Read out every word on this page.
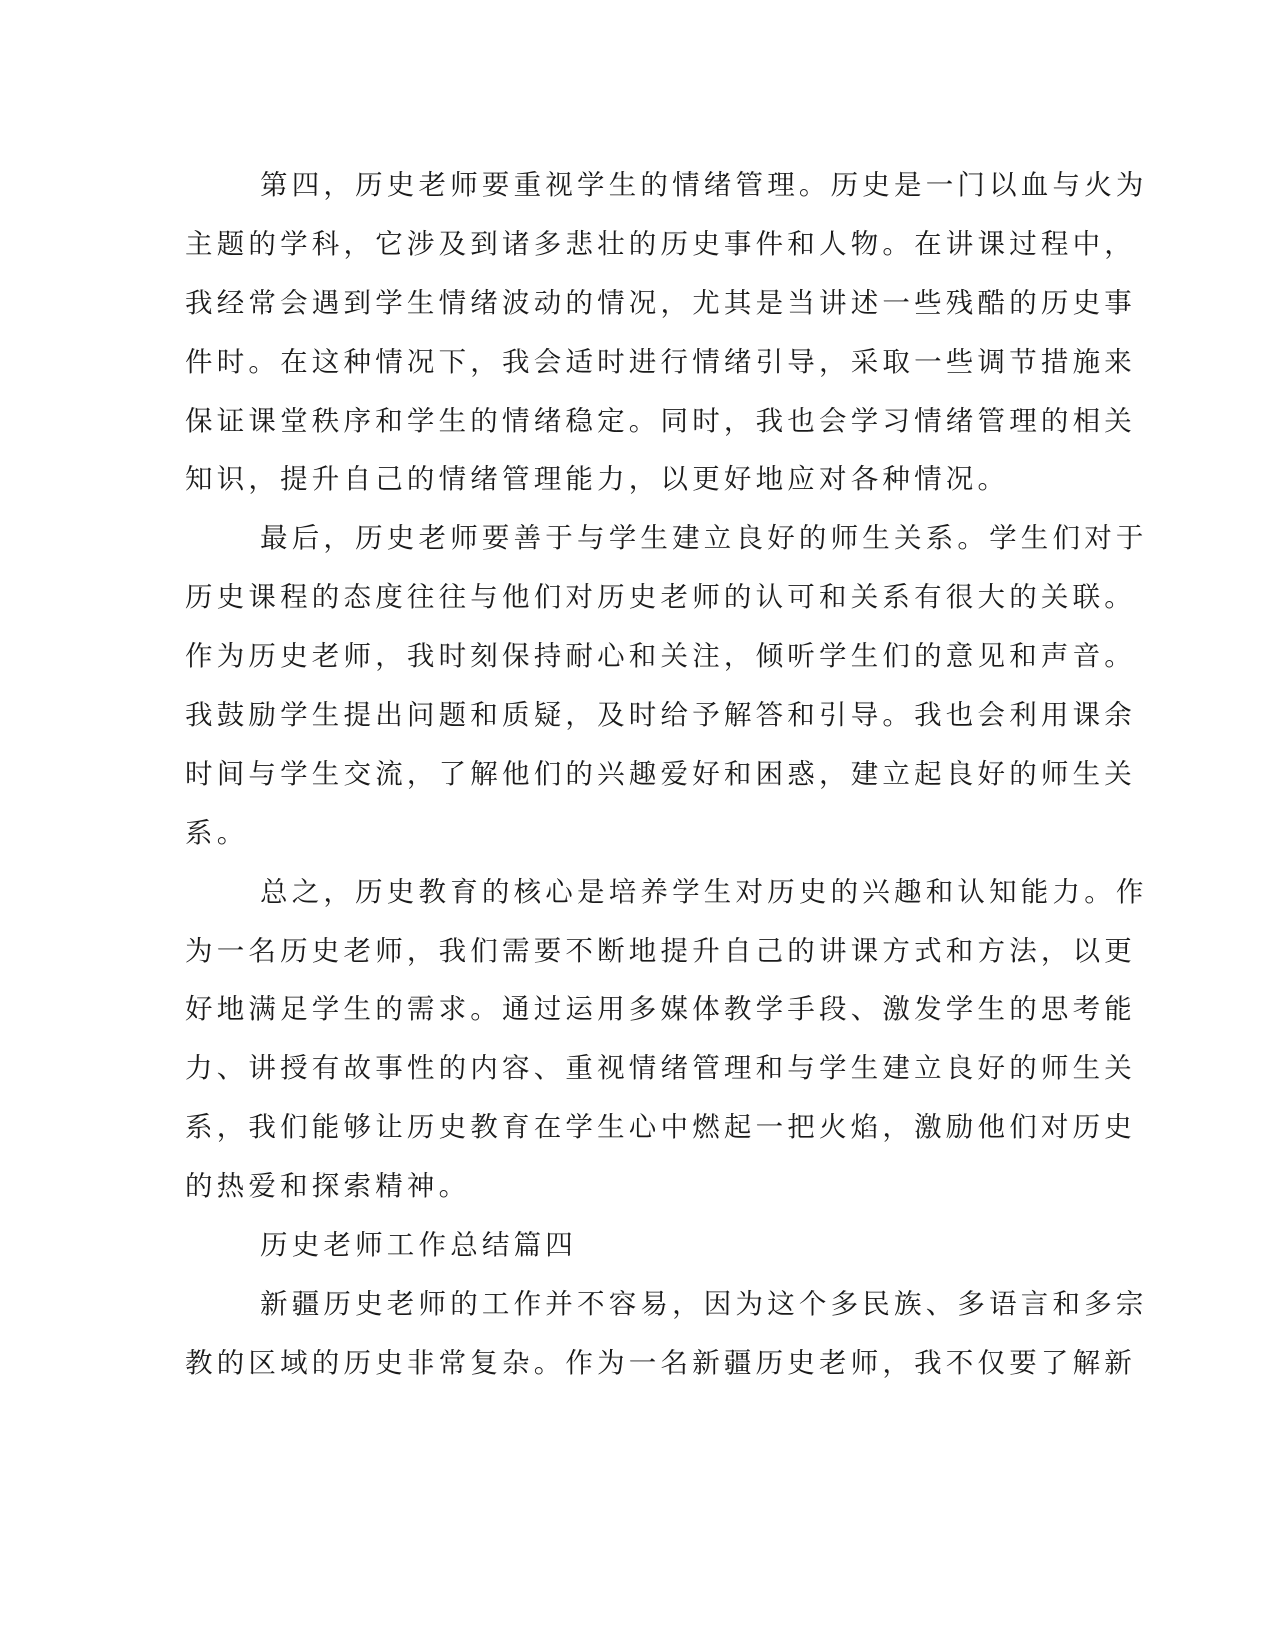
第四，历史老师要重视学生的情绪管理。历史是一门以血与火为
主题的学科，它涉及到诸多悲壮的历史事件和人物。在讲课过程中，
我经常会遇到学生情绪波动的情况，尤其是当讲述一些残酷的历史事
件时。在这种情况下，我会适时进行情绪引导，采取一些调节措施来
保证课堂秩序和学生的情绪稳定。同时，我也会学习情绪管理的相关
知识，提升自己的情绪管理能力，以更好地应对各种情况。
最后，历史老师要善于与学生建立良好的师生关系。学生们对于
历史课程的态度往往与他们对历史老师的认可和关系有很大的关联。
作为历史老师，我时刻保持耐心和关注，倾听学生们的意见和声音。
我鼓励学生提出问题和质疑，及时给予解答和引导。我也会利用课余
时间与学生交流，了解他们的兴趣爱好和困惑，建立起良好的师生关
系。
总之，历史教育的核心是培养学生对历史的兴趣和认知能力。作
为一名历史老师，我们需要不断地提升自己的讲课方式和方法，以更
好地满足学生的需求。通过运用多媒体教学手段、激发学生的思考能
力、讲授有故事性的内容、重视情绪管理和与学生建立良好的师生关
系，我们能够让历史教育在学生心中燃起一把火焰，激励他们对历史
的热爱和探索精神。
历史老师工作总结篇四
新疆历史老师的工作并不容易，因为这个多民族、多语言和多宗
教的区域的历史非常复杂。作为一名新疆历史老师，我不仅要了解新
